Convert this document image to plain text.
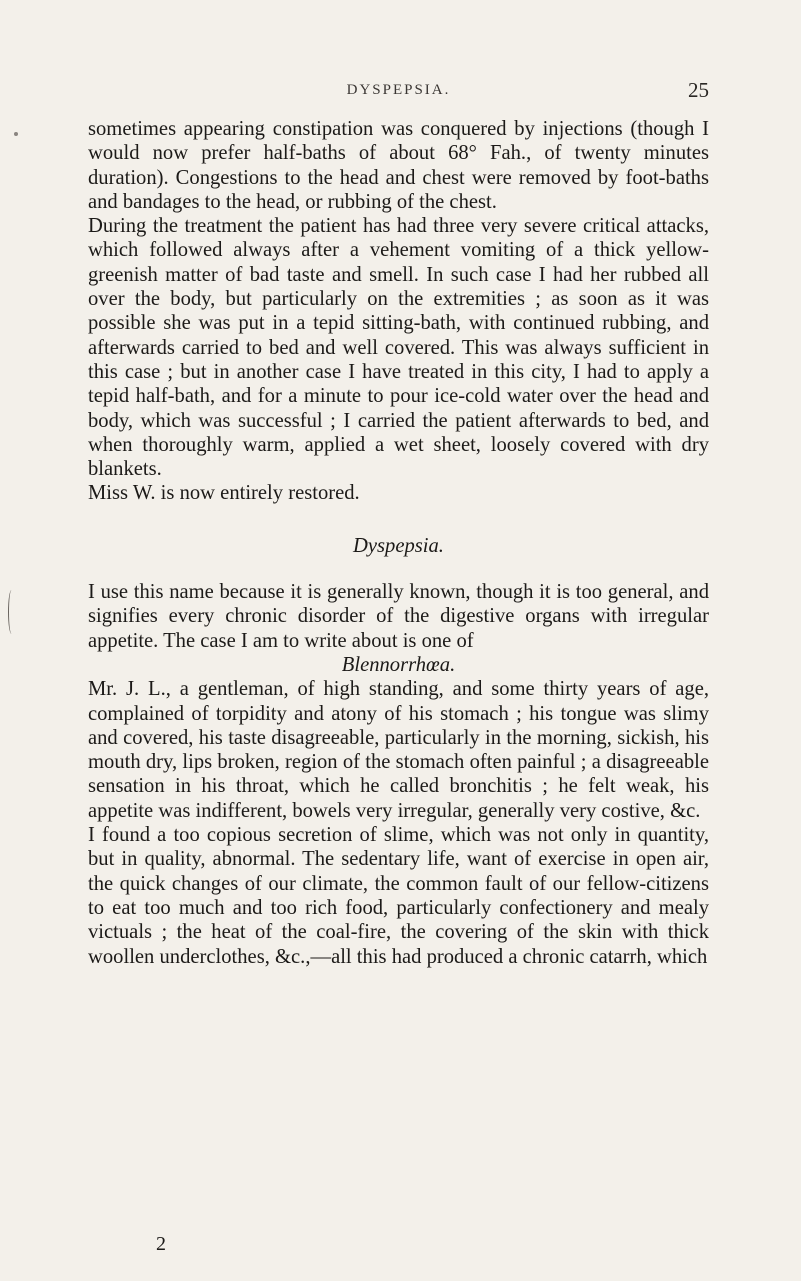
DYSPEPSIA.	25

sometimes appearing constipation was conquered by injections (though I would now prefer half-baths of about 68° Fah., of twenty minutes duration). Congestions to the head and chest were removed by foot-baths and bandages to the head, or rubbing of the chest.

During the treatment the patient has had three very severe critical attacks, which followed always after a vehement vomiting of a thick yellow-greenish matter of bad taste and smell. In such case I had her rubbed all over the body, but particularly on the extremities ; as soon as it was possible she was put in a tepid sitting-bath, with continued rubbing, and afterwards carried to bed and well covered. This was always sufficient in this case ; but in another case I have treated in this city, I had to apply a tepid half-bath, and for a minute to pour ice-cold water over the head and body, which was successful ; I carried the patient afterwards to bed, and when thoroughly warm, applied a wet sheet, loosely covered with dry blankets.

Miss W. is now entirely restored.

Dyspepsia.

I use this name because it is generally known, though it is too general, and signifies every chronic disorder of the digestive organs with irregular appetite. The case I am to write about is one of

Blennorrhœa.

Mr. J. L., a gentleman, of high standing, and some thirty years of age, complained of torpidity and atony of his stomach ; his tongue was slimy and covered, his taste disagreeable, particularly in the morning, sickish, his mouth dry, lips broken, region of the stomach often painful ; a disagreeable sensation in his throat, which he called bronchitis ; he felt weak, his appetite was indifferent, bowels very irregular, generally very costive, &c.

I found a too copious secretion of slime, which was not only in quantity, but in quality, abnormal. The sedentary life, want of exercise in open air, the quick changes of our climate, the common fault of our fellow-citizens to eat too much and too rich food, particularly confectionery and mealy victuals ; the heat of the coal-fire, the covering of the skin with thick woollen underclothes, &c.,—all this had produced a chronic catarrh, which

2
